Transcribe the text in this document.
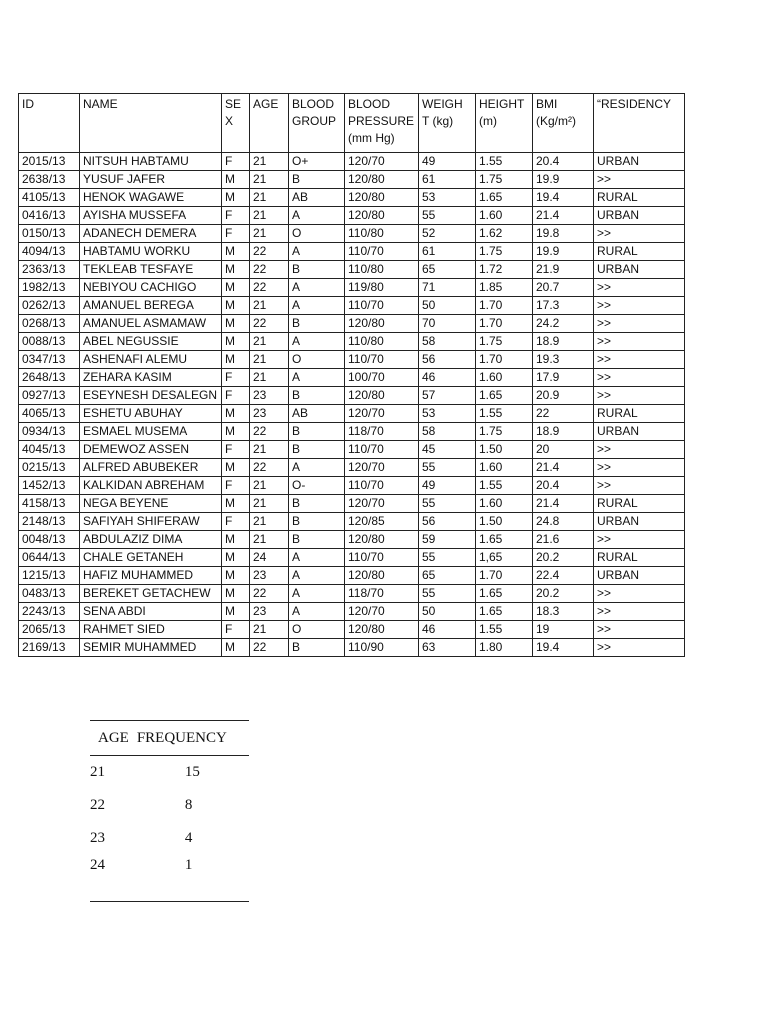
ID	NAME	SE X	AGE	BLOOD GROUP	BLOOD PRESSURE (mm Hg)	WEIGH T (kg)	HEIGHT (m)	BMI (Kg/m²)	“RESIDENCY
2015/13	NITSUH HABTAMU	F	21	O+	120/70	49	1.55	20.4	URBAN
2638/13	YUSUF JAFER	M	21	B	120/80	61	1.75	19.9	>>
4105/13	HENOK WAGAWE	M	21	AB	120/80	53	1.65	19.4	RURAL
0416/13	AYISHA MUSSEFA	F	21	A	120/80	55	1.60	21.4	URBAN
0150/13	ADANECH DEMERA	F	21	O	110/80	52	1.62	19.8	>>
4094/13	HABTAMU WORKU	M	22	A	110/70	61	1.75	19.9	RURAL
2363/13	TEKLEAB TESFAYE	M	22	B	110/80	65	1.72	21.9	URBAN
1982/13	NEBIYOU CACHIGO	M	22	A	119/80	71	1.85	20.7	>>
0262/13	AMANUEL BEREGA	M	21	A	110/70	50	1.70	17.3	>>
0268/13	AMANUEL ASMAMAW	M	22	B	120/80	70	1.70	24.2	>>
0088/13	ABEL NEGUSSIE	M	21	A	110/80	58	1.75	18.9	>>
0347/13	ASHENAFI ALEMU	M	21	O	110/70	56	1.70	19.3	>>
2648/13	ZEHARA KASIM	F	21	A	100/70	46	1.60	17.9	>>
0927/13	ESEYNESH DESALEGN	F	23	B	120/80	57	1.65	20.9	>>
4065/13	ESHETU ABUHAY	M	23	AB	120/70	53	1.55	22	RURAL
0934/13	ESMAEL MUSEMA	M	22	B	118/70	58	1.75	18.9	URBAN
4045/13	DEMEWOZ ASSEN	F	21	B	110/70	45	1.50	20	>>
0215/13	ALFRED ABUBEKER	M	22	A	120/70	55	1.60	21.4	>>
1452/13	KALKIDAN ABREHAM	F	21	O-	110/70	49	1.55	20.4	>>
4158/13	NEGA BEYENE	M	21	B	120/70	55	1.60	21.4	RURAL
2148/13	SAFIYAH SHIFERAW	F	21	B	120/85	56	1.50	24.8	URBAN
0048/13	ABDULAZIZ DIMA	M	21	B	120/80	59	1.65	21.6	>>
0644/13	CHALE GETANEH	M	24	A	110/70	55	1,65	20.2	RURAL
1215/13	HAFIZ MUHAMMED	M	23	A	120/80	65	1.70	22.4	URBAN
0483/13	BEREKET GETACHEW	M	22	A	118/70	55	1.65	20.2	>>
2243/13	SENA ABDI	M	23	A	120/70	50	1.65	18.3	>>
2065/13	RAHMET SIED	F	21	O	120/80	46	1.55	19	>>
2169/13	SEMIR MUHAMMED	M	22	B	110/90	63	1.80	19.4	>>
AGE	FREQUENCY
21	15
22	8
23	4
24	1
